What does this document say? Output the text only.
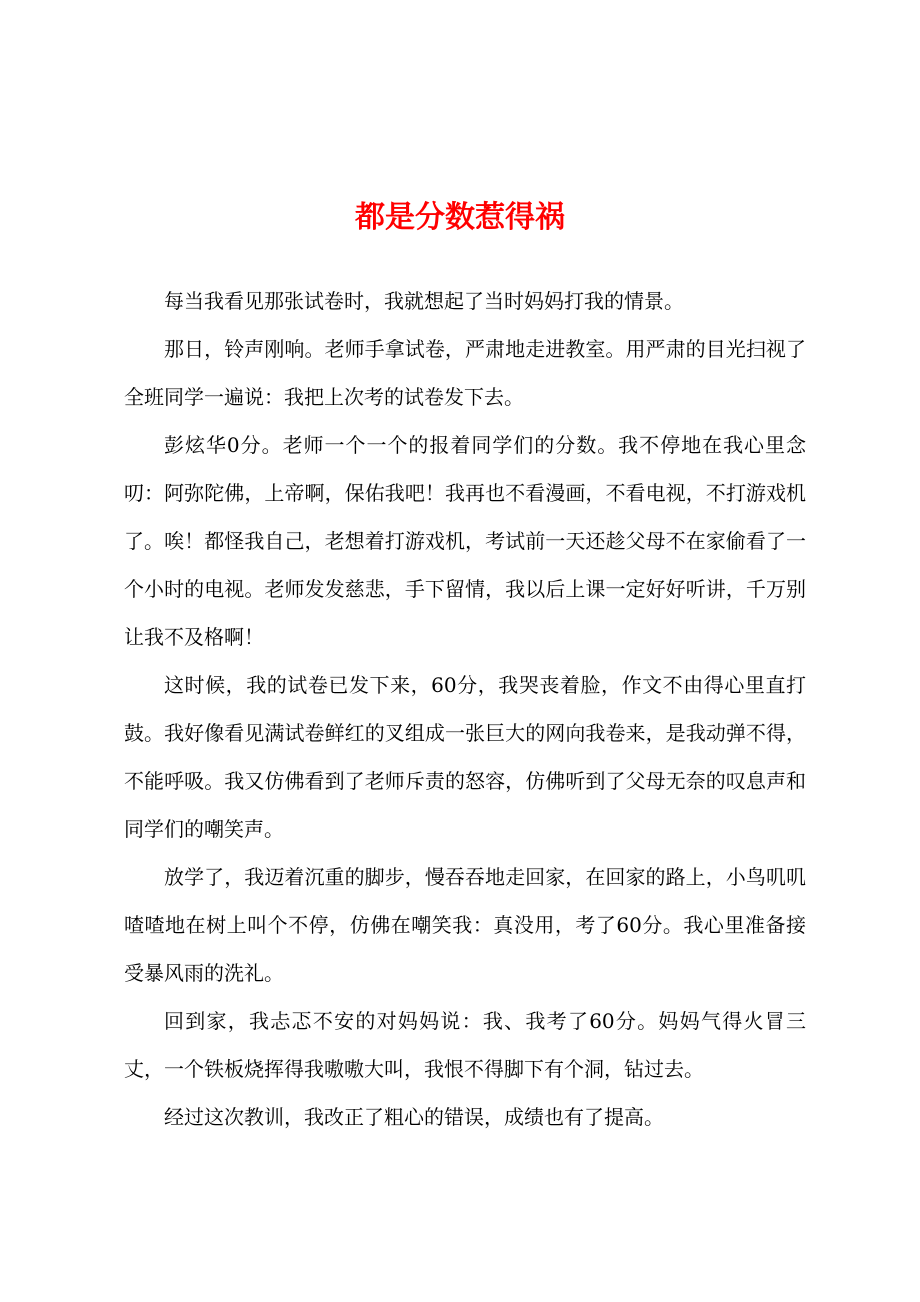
都是分数惹得祸

每当我看见那张试卷时，我就想起了当时妈妈打我的情景。

那日，铃声刚响。老师手拿试卷，严肃地走进教室。用严肃的目光扫视了全班同学一遍说：我把上次考的试卷发下去。

彭炫华0分。老师一个一个的报着同学们的分数。我不停地在我心里念叨：阿弥陀佛，上帝啊，保佑我吧！我再也不看漫画，不看电视，不打游戏机了。唉！都怪我自己，老想着打游戏机，考试前一天还趁父母不在家偷看了一个小时的电视。老师发发慈悲，手下留情，我以后上课一定好好听讲，千万别让我不及格啊！

这时候，我的试卷已发下来，60分，我哭丧着脸，作文不由得心里直打鼓。我好像看见满试卷鲜红的叉组成一张巨大的网向我卷来，是我动弹不得，不能呼吸。我又仿佛看到了老师斥责的怒容，仿佛听到了父母无奈的叹息声和同学们的嘲笑声。

放学了，我迈着沉重的脚步，慢吞吞地走回家，在回家的路上，小鸟叽叽喳喳地在树上叫个不停，仿佛在嘲笑我：真没用，考了60分。我心里准备接受暴风雨的洗礼。

回到家，我忐忑不安的对妈妈说：我、我考了60分。妈妈气得火冒三丈，一个铁板烧挥得我嗷嗷大叫，我恨不得脚下有个洞，钻过去。

经过这次教训，我改正了粗心的错误，成绩也有了提高。
